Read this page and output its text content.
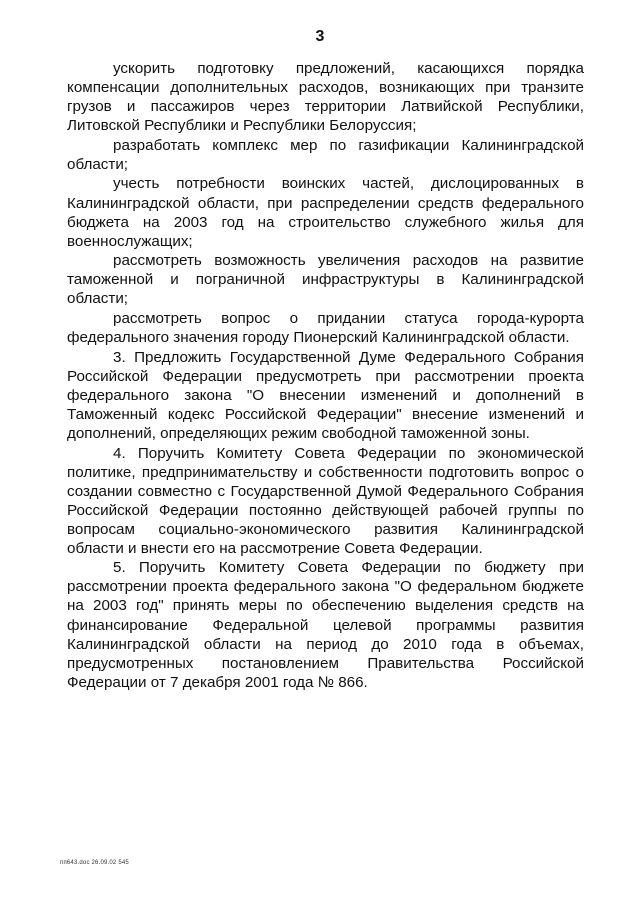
3

ускорить подготовку предложений, касающихся порядка компенсации дополнительных расходов, возникающих при транзите грузов и пассажиров через территории Латвийской Республики, Литовской Республики и Республики Белоруссия;

разработать комплекс мер по газификации Калининградской области;

учесть потребности воинских частей, дислоцированных в Калининградской области, при распределении средств федерального бюджета на 2003 год на строительство служебного жилья для военнослужащих;

рассмотреть возможность увеличения расходов на развитие таможенной и пограничной инфраструктуры в Калининградской области;

рассмотреть вопрос о придании статуса города-курорта федерального значения городу Пионерский Калининградской области.

3. Предложить Государственной Думе Федерального Собрания Российской Федерации предусмотреть при рассмотрении проекта федерального закона "О внесении изменений и дополнений в Таможенный кодекс Российской Федерации" внесение изменений и дополнений, определяющих режим свободной таможенной зоны.

4. Поручить Комитету Совета Федерации по экономической политике, предпринимательству и собственности подготовить вопрос о создании совместно с Государственной Думой Федерального Собрания Российской Федерации постоянно действующей рабочей группы по вопросам социально-экономического развития Калининградской области и внести его на рассмотрение Совета Федерации.

5. Поручить Комитету Совета Федерации по бюджету при рассмотрении проекта федерального закона "О федеральном бюджете на 2003 год" принять меры по обеспечению выделения средств на финансирование Федеральной целевой программы развития Калининградской области на период до 2010 года в объемах, предусмотренных постановлением Правительства Российской Федерации от 7 декабря 2001 года № 866.

пп643.doc 26.09.02 545
